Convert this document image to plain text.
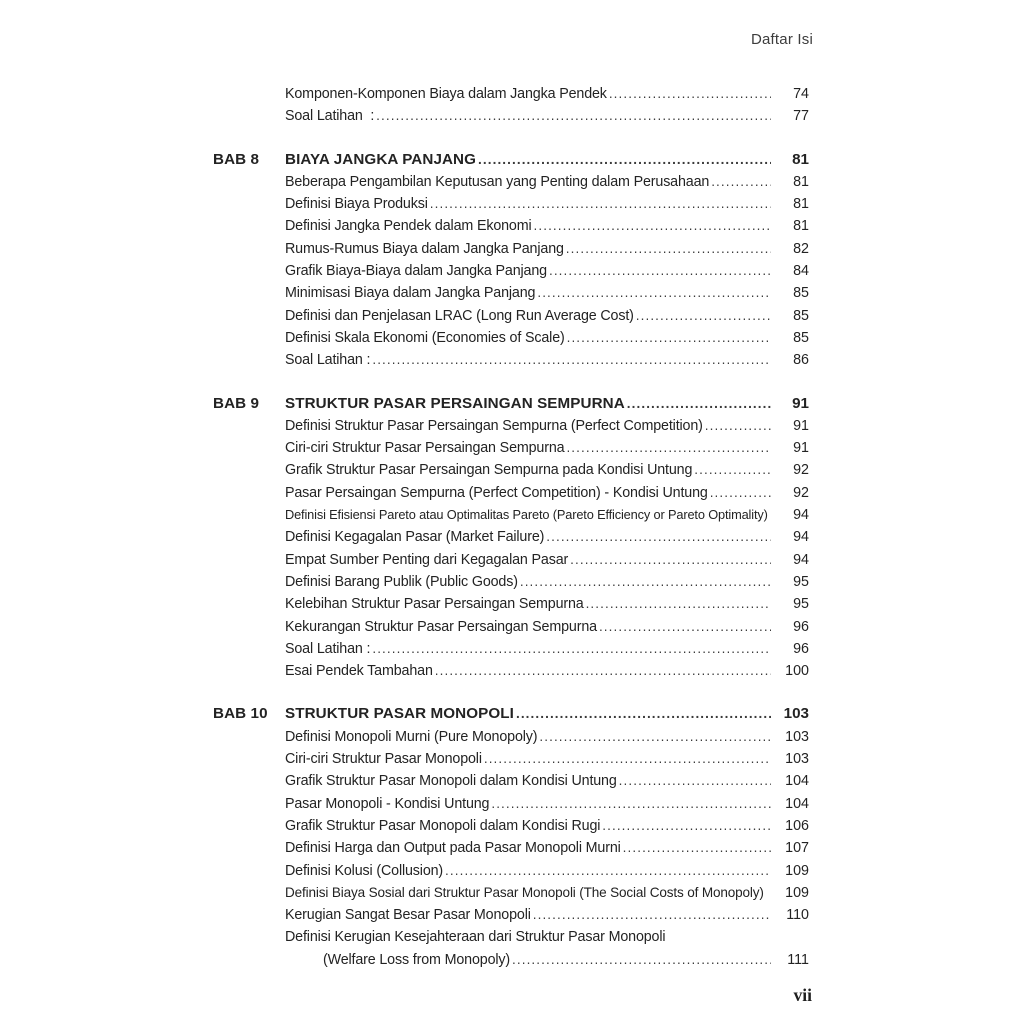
Daftar Isi
Komponen-Komponen Biaya dalam Jangka Pendek .....	74
Soal Latihan  : .....	77
BAB 8	BIAYA JANGKA PANJANG .....	81
Beberapa Pengambilan Keputusan yang Penting dalam Perusahaan .....	81
Definisi Biaya Produksi .....	81
Definisi Jangka Pendek dalam Ekonomi .....	81
Rumus-Rumus Biaya dalam Jangka Panjang .....	82
Grafik Biaya-Biaya dalam Jangka Panjang .....	84
Minimisasi Biaya dalam Jangka Panjang .....	85
Definisi dan Penjelasan LRAC (Long Run Average Cost) .....	85
Definisi Skala Ekonomi (Economies of Scale) .....	85
Soal Latihan : .....	86
BAB 9	STRUKTUR PASAR PERSAINGAN SEMPURNA .....	91
Definisi Struktur Pasar Persaingan Sempurna (Perfect Competition) .....	91
Ciri-ciri Struktur Pasar Persaingan Sempurna .....	91
Grafik Struktur Pasar Persaingan Sempurna pada Kondisi Untung .....	92
Pasar Persaingan Sempurna (Perfect Competition) - Kondisi Untung .....	92
Definisi Efisiensi Pareto atau Optimalitas Pareto (Pareto Efficiency or Pareto Optimality)	94
Definisi Kegagalan Pasar (Market Failure) .....	94
Empat Sumber Penting dari Kegagalan Pasar .....	94
Definisi Barang Publik (Public Goods) .....	95
Kelebihan Struktur Pasar Persaingan Sempurna .....	95
Kekurangan Struktur Pasar Persaingan Sempurna .....	96
Soal Latihan : .....	96
Esai Pendek Tambahan .....	100
BAB 10	STRUKTUR PASAR MONOPOLI .....	103
Definisi Monopoli Murni (Pure Monopoly) .....	103
Ciri-ciri Struktur Pasar Monopoli .....	103
Grafik Struktur Pasar Monopoli dalam Kondisi Untung .....	104
Pasar Monopoli - Kondisi Untung .....	104
Grafik Struktur Pasar Monopoli dalam Kondisi Rugi .....	106
Definisi Harga dan Output pada Pasar Monopoli Murni .....	107
Definisi Kolusi (Collusion) .....	109
Definisi Biaya Sosial dari Struktur Pasar Monopoli (The Social Costs of Monopoly)	109
Kerugian Sangat Besar Pasar Monopoli .....	110
Definisi Kerugian Kesejahteraan dari Struktur Pasar Monopoli
(Welfare Loss from Monopoly) .....	111
vii
